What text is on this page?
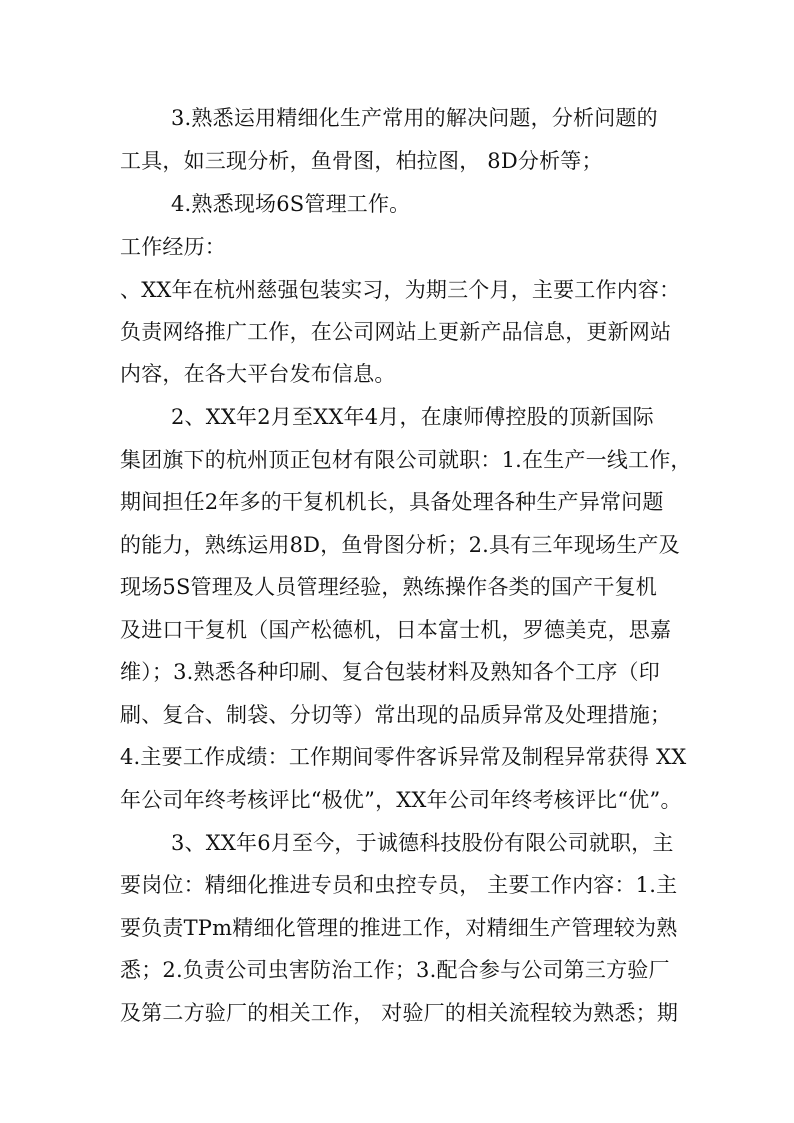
3.熟悉运用精细化生产常用的解决问题，分析问题的
工具，如三现分析，鱼骨图，柏拉图， 8D分析等；
4.熟悉现场6S管理工作。
工作经历：
、XX年在杭州慈强包装实习，为期三个月，主要工作内容：
负责网络推广工作，在公司网站上更新产品信息，更新网站
内容，在各大平台发布信息。
2、XX年2月至XX年4月，在康师傅控股的顶新国际
集团旗下的杭州顶正包材有限公司就职：1.在生产一线工作，
期间担任2年多的干复机机长，具备处理各种生产异常问题
的能力，熟练运用8D，鱼骨图分析；2.具有三年现场生产及
现场5S管理及人员管理经验，熟练操作各类的国产干复机
及进口干复机（国产松德机，日本富士机，罗德美克，思嘉
维）；3.熟悉各种印刷、复合包装材料及熟知各个工序（印
刷、复合、制袋、分切等）常出现的品质异常及处理措施；
4.主要工作成绩：工作期间零件客诉异常及制程异常获得 XX
年公司年终考核评比“极优”，XX年公司年终考核评比“优”。
3、XX年6月至今，于诚德科技股份有限公司就职，主
要岗位：精细化推进专员和虫控专员， 主要工作内容：1.主
要负责TPm精细化管理的推进工作，对精细生产管理较为熟
悉；2.负责公司虫害防治工作；3.配合参与公司第三方验厂
及第二方验厂的相关工作， 对验厂的相关流程较为熟悉；期
